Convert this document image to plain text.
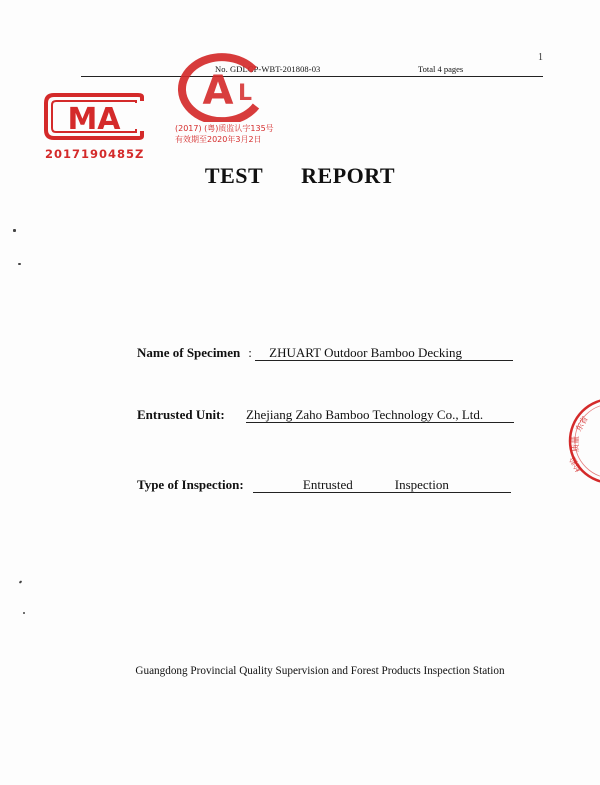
1
No. GDLCP-WBT-201808-03	Total 4 pages
MA
2017190485Z
A L
(2017) (粤)质监认字135号
有效期至2020年3月2日
TEST REPORT
Name of Specimen : ZHUART Outdoor Bamboo Decking
Entrusted Unit: Zhejiang Zaho Bamboo Technology Co., Ltd.
Type of Inspection:	Entrusted	Inspection
东省
质量
检验
Guangdong Provincial Quality Supervision and Forest Products Inspection Station
